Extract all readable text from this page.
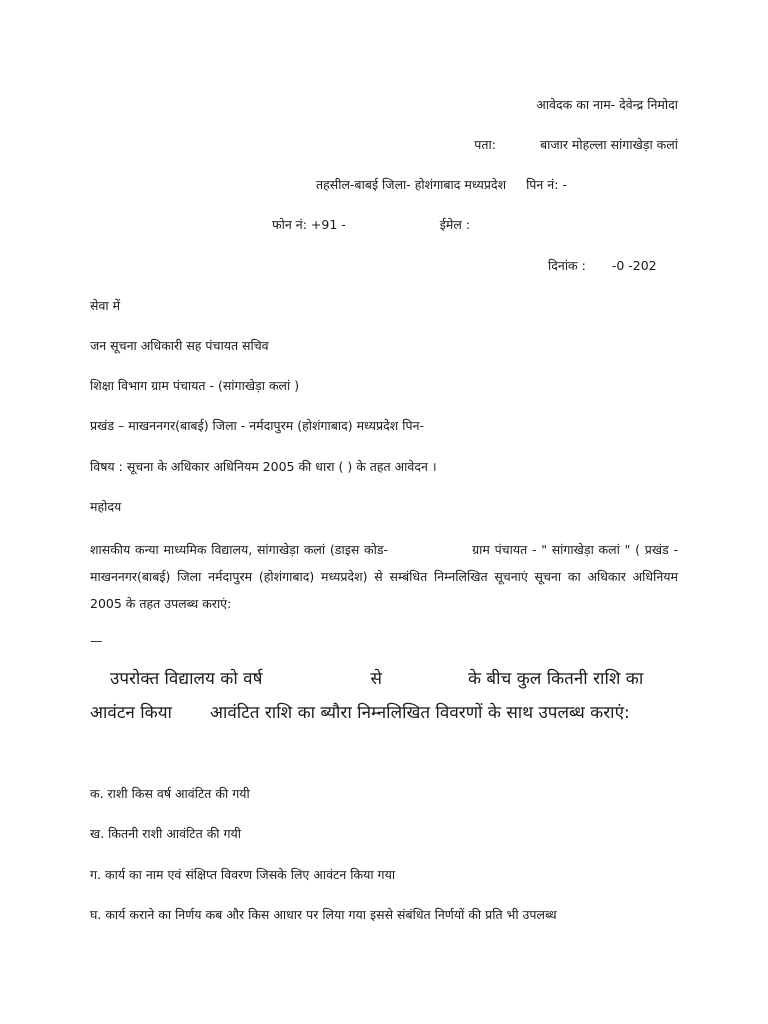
आवेदक का नाम- देवेन्द्र निमोदा
पता:	बाजार मोहल्ला सांगाखेड़ा कलां
तहसील-बाबई जिला- होशंगाबाद मध्यप्रदेश पिन नं: -
फोन नं: +91 -	ईमेल :
दिनांक : -0 -202
सेवा में
जन सूचना अधिकारी सह पंचायत सचिव
शिक्षा विभाग ग्राम पंचायत - (सांगाखेड़ा कलां )
प्रखंड – माखननगर(बाबई) जिला - नर्मदापुरम (होशंगाबाद) मध्यप्रदेश पिन-
विषय : सूचना के अधिकार अधिनियम 2005 की धारा ( ) के तहत आवेदन ।
महोदय
शासकीय कन्या माध्यमिक विद्यालय, सांगाखेड़ा कलां (डाइस कोड-	ग्राम पंचायत - " सांगाखेड़ा कलां " ( प्रखंड - माखननगर(बाबई) जिला नर्मदापुरम (होशंगाबाद) मध्यप्रदेश) से सम्बंधित निम्नलिखित सूचनाएं सूचना का अधिकार अधिनियम 2005 के तहत उपलब्ध कराएं:
—
उपरोक्त विद्यालय को वर्ष	से	के बीच कुल कितनी राशि का आवंटन किया आवंटित राशि का ब्यौरा निम्नलिखित विवरणों के साथ उपलब्ध कराएं:
क. राशी किस वर्ष आवंटित की गयी
ख. कितनी राशी आवंटित की गयी
ग. कार्य का नाम एवं संक्षिप्त विवरण जिसके लिए आवंटन किया गया
घ. कार्य कराने का निर्णय कब और किस आधार पर लिया गया इससे संबंधित निर्णयों की प्रति भी उपलब्ध
